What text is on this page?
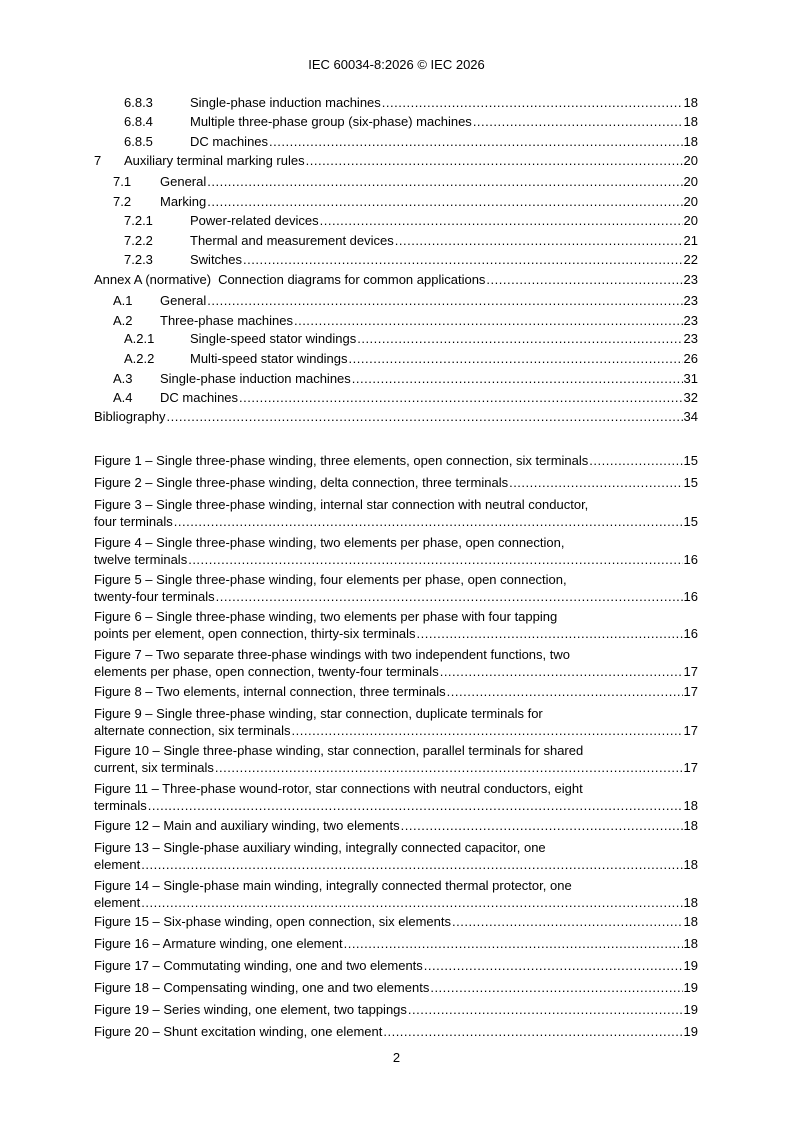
IEC 60034-8:2026 © IEC 2026
6.8.3	Single-phase induction machines .....	18
6.8.4	Multiple three-phase group (six-phase) machines .....	18
6.8.5	DC machines .....	18
7	Auxiliary terminal marking rules .....	20
7.1	General .....	20
7.2	Marking .....	20
7.2.1	Power-related devices .....	20
7.2.2	Thermal and measurement devices .....	21
7.2.3	Switches .....	22
Annex A (normative) Connection diagrams for common applications .....	23
A.1	General .....	23
A.2	Three-phase machines .....	23
A.2.1	Single-speed stator windings .....	23
A.2.2	Multi-speed stator windings .....	26
A.3	Single-phase induction machines .....	31
A.4	DC machines .....	32
Bibliography .....	34
Figure 1 – Single three-phase winding, three elements, open connection, six terminals .....	15
Figure 2 – Single three-phase winding, delta connection, three terminals .....	15
Figure 3 – Single three-phase winding, internal star connection with neutral conductor,
four terminals .....	15
Figure 4 – Single three-phase winding, two elements per phase, open connection,
twelve terminals .....	16
Figure 5 – Single three-phase winding, four elements per phase, open connection,
twenty-four terminals .....	16
Figure 6 – Single three-phase winding, two elements per phase with four tapping
points per element, open connection, thirty-six terminals .....	16
Figure 7 – Two separate three-phase windings with two independent functions, two
elements per phase, open connection, twenty-four terminals .....	17
Figure 8 – Two elements, internal connection, three terminals .....	17
Figure 9 – Single three-phase winding, star connection, duplicate terminals for
alternate connection, six terminals .....	17
Figure 10 – Single three-phase winding, star connection, parallel terminals for shared
current, six terminals .....	17
Figure 11 – Three-phase wound-rotor, star connections with neutral conductors, eight
terminals .....	18
Figure 12 – Main and auxiliary winding, two elements .....	18
Figure 13 – Single-phase auxiliary winding, integrally connected capacitor, one
element .....	18
Figure 14 – Single-phase main winding, integrally connected thermal protector, one
element .....	18
Figure 15 – Six-phase winding, open connection, six elements .....	18
Figure 16 – Armature winding, one element .....	18
Figure 17 – Commutating winding, one and two elements .....	19
Figure 18 – Compensating winding, one and two elements .....	19
Figure 19 – Series winding, one element, two tappings .....	19
Figure 20 – Shunt excitation winding, one element .....	19
2
